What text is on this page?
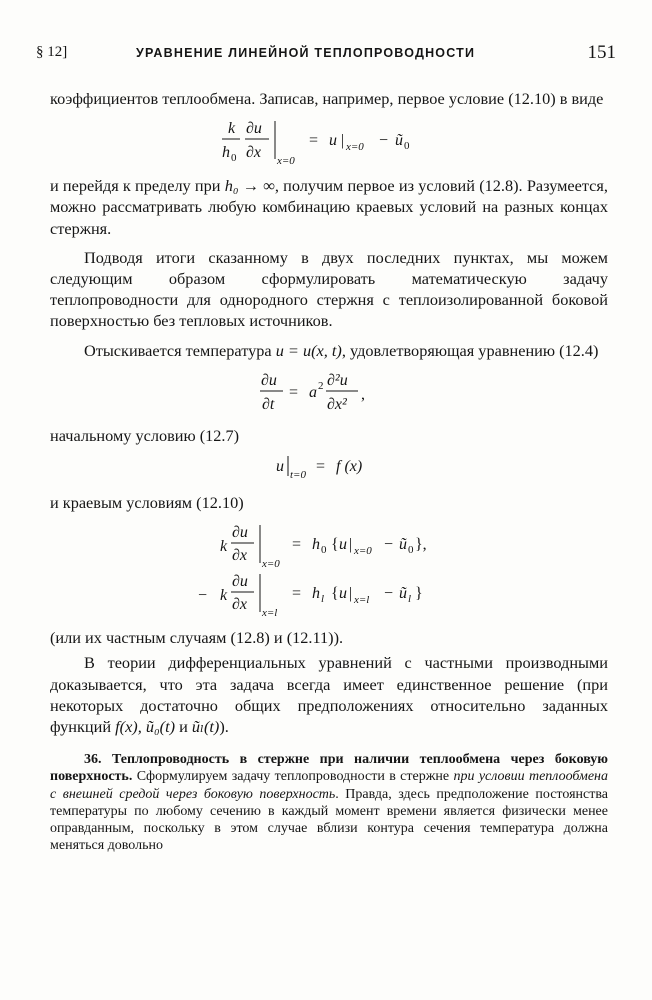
§ 12]	УРАВНЕНИЕ ЛИНЕЙНОЙ ТЕПЛОПРОВОДНОСТИ	151

коэффициентов теплообмена. Записав, например, первое условие (12.10) в виде

k
h 0
∂u
∂x x=0
= u | x=0 − ũ 0

и перейдя к пределу при h₀ → ∞, получим первое из условий (12.8). Разумеется, можно рассматривать любую комбинацию краевых условий на разных концах стержня.

Подводя итоги сказанному в двух последних пунктах, мы можем следующим образом сформулировать математическую задачу теплопроводности для однородного стержня с теплоизолированной боковой поверхностью без тепловых источников.

Отыскивается температура u = u(x, t), удовлетворяющая уравнению (12.4)

∂u
∂t
= a 2 ∂²u
∂x²
,

начальному условию (12.7)

u t=0 = f (x)

и краевым условиям (12.10)

k
∂u
∂x x=0
= h 0 { u | x=0 − ũ 0 },
− k
∂u
∂x x=l
= h l { u | x=l − ũ l }

(или их частным случаям (12.8) и (12.11)).

В теории дифференциальных уравнений с частными производными доказывается, что эта задача всегда имеет единственное решение (при некоторых достаточно общих предположениях относительно заданных функций f(x), ũ₀(t) и ũₗ(t)).

36. Теплопроводность в стержне при наличии теплообмена через боковую поверхность. Сформулируем задачу теплопроводности в стержне при условии теплообмена с внешней средой через боковую поверхность. Правда, здесь предположение постоянства температуры по любому сечению в каждый момент времени является физически менее оправданным, поскольку в этом случае вблизи контура сечения температура должна меняться довольно
